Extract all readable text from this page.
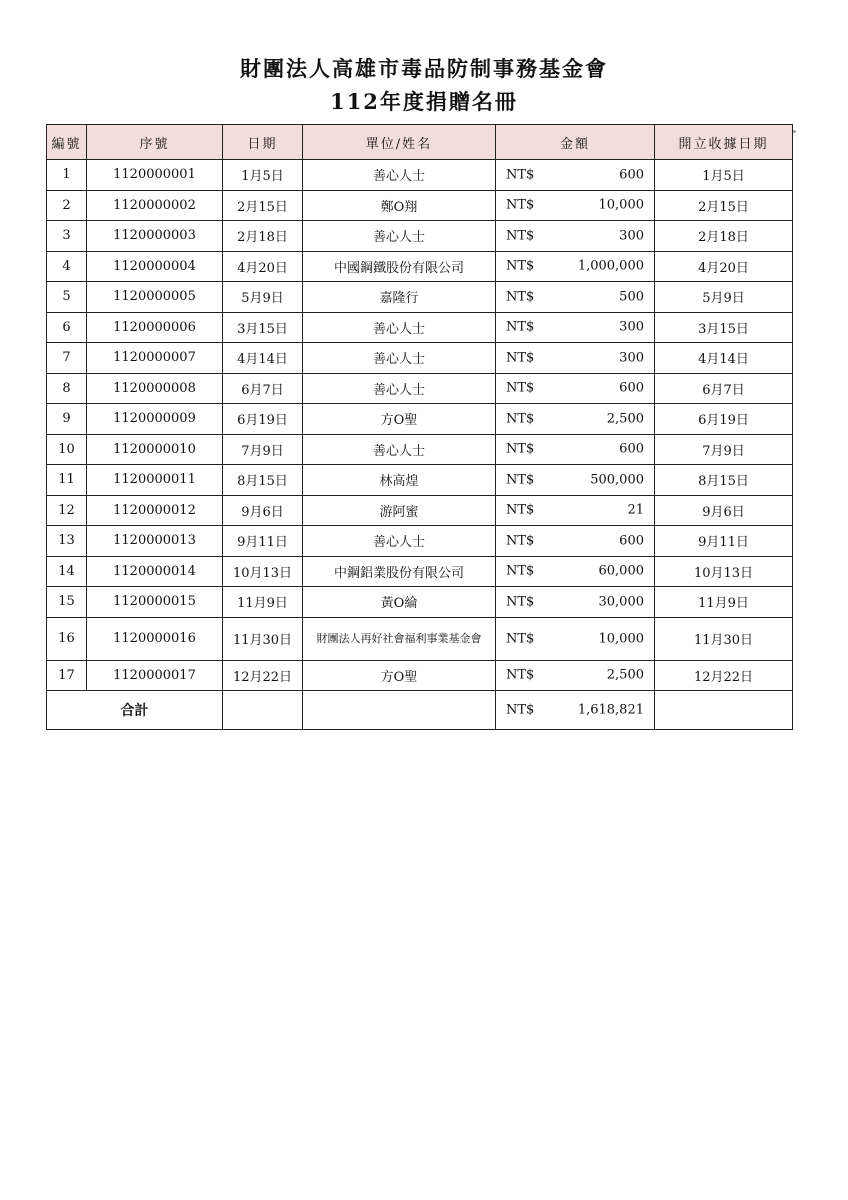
財團法人高雄市毒品防制事務基金會
112年度捐贈名冊
編號	序號	日期	單位/姓名	金額	開立收據日期
1	1120000001	1月5日	善心人士	NT$ 600	1月5日
2	1120000002	2月15日	鄭O翔	NT$ 10,000	2月15日
3	1120000003	2月18日	善心人士	NT$ 300	2月18日
4	1120000004	4月20日	中國鋼鐵股份有限公司	NT$ 1,000,000	4月20日
5	1120000005	5月9日	嘉隆行	NT$ 500	5月9日
6	1120000006	3月15日	善心人士	NT$ 300	3月15日
7	1120000007	4月14日	善心人士	NT$ 300	4月14日
8	1120000008	6月7日	善心人士	NT$ 600	6月7日
9	1120000009	6月19日	方O聖	NT$ 2,500	6月19日
10	1120000010	7月9日	善心人士	NT$ 600	7月9日
11	1120000011	8月15日	林高煌	NT$ 500,000	8月15日
12	1120000012	9月6日	游阿蜜	NT$ 21	9月6日
13	1120000013	9月11日	善心人士	NT$ 600	9月11日
14	1120000014	10月13日	中鋼鋁業股份有限公司	NT$ 60,000	10月13日
15	1120000015	11月9日	黃O綸	NT$ 30,000	11月9日
16	1120000016	11月30日	財團法人再好社會福利事業基金會	NT$ 10,000	11月30日
17	1120000017	12月22日	方O聖	NT$ 2,500	12月22日
合計				NT$ 1,618,821	
